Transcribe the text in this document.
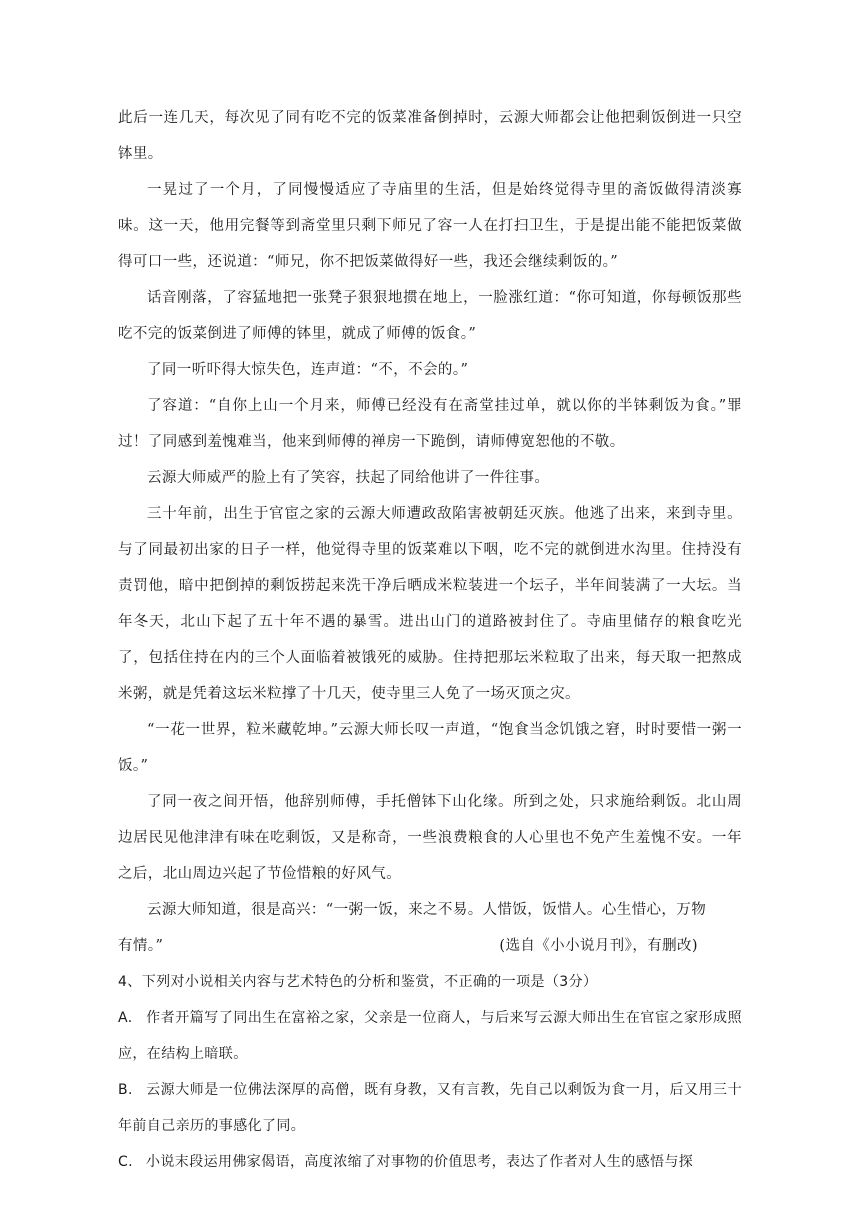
此后一连几天，每次见了同有吃不完的饭菜准备倒掉时，云源大师都会让他把剩饭倒进一只空钵里。

一晃过了一个月，了同慢慢适应了寺庙里的生活，但是始终觉得寺里的斋饭做得清淡寡味。这一天，他用完餐等到斋堂里只剩下师兄了容一人在打扫卫生，于是提出能不能把饭菜做得可口一些，还说道：“师兄，你不把饭菜做得好一些，我还会继续剩饭的。”

话音刚落，了容猛地把一张凳子狠狠地掼在地上，一脸涨红道：“你可知道，你每顿饭那些吃不完的饭菜倒进了师傅的钵里，就成了师傅的饭食。”

了同一听吓得大惊失色，连声道：“不，不会的。”

了容道：“自你上山一个月来，师傅已经没有在斋堂挂过单，就以你的半钵剩饭为食。”罪过！了同感到羞愧难当，他来到师傅的禅房一下跪倒，请师傅宽恕他的不敬。

云源大师威严的脸上有了笑容，扶起了同给他讲了一件往事。

三十年前，出生于官宦之家的云源大师遭政敌陷害被朝廷灭族。他逃了出来，来到寺里。与了同最初出家的日子一样，他觉得寺里的饭菜难以下咽，吃不完的就倒进水沟里。住持没有责罚他，暗中把倒掉的剩饭捞起来洗干净后晒成米粒装进一个坛子，半年间装满了一大坛。当年冬天，北山下起了五十年不遇的暴雪。进出山门的道路被封住了。寺庙里储存的粮食吃光了，包括住持在内的三个人面临着被饿死的威胁。住持把那坛米粒取了出来，每天取一把熬成米粥，就是凭着这坛米粒撑了十几天，使寺里三人免了一场灭顶之灾。

“一花一世界，粒米藏乾坤。”云源大师长叹一声道，“饱食当念饥饿之窘，时时要惜一粥一饭。”

了同一夜之间开悟，他辞别师傅，手托僧钵下山化缘。所到之处，只求施给剩饭。北山周边居民见他津津有味在吃剩饭，又是称奇，一些浪费粮食的人心里也不免产生羞愧不安。一年之后，北山周边兴起了节俭惜粮的好风气。

云源大师知道，很是高兴：“一粥一饭，来之不易。人惜饭，饭惜人。心生惜心，万物

有情。”	(选自《小小说月刊》，有删改)

4、下列对小说相关内容与艺术特色的分析和鉴赏，不正确的一项是（3分）

A. 作者开篇写了同出生在富裕之家，父亲是一位商人，与后来写云源大师出生在官宦之家形成照应，在结构上暗联。

B. 云源大师是一位佛法深厚的高僧，既有身教，又有言教，先自己以剩饭为食一月，后又用三十年前自己亲历的事感化了同。

C. 小说末段运用佛家偈语，高度浓缩了对事物的价值思考，表达了作者对人生的感悟与探
